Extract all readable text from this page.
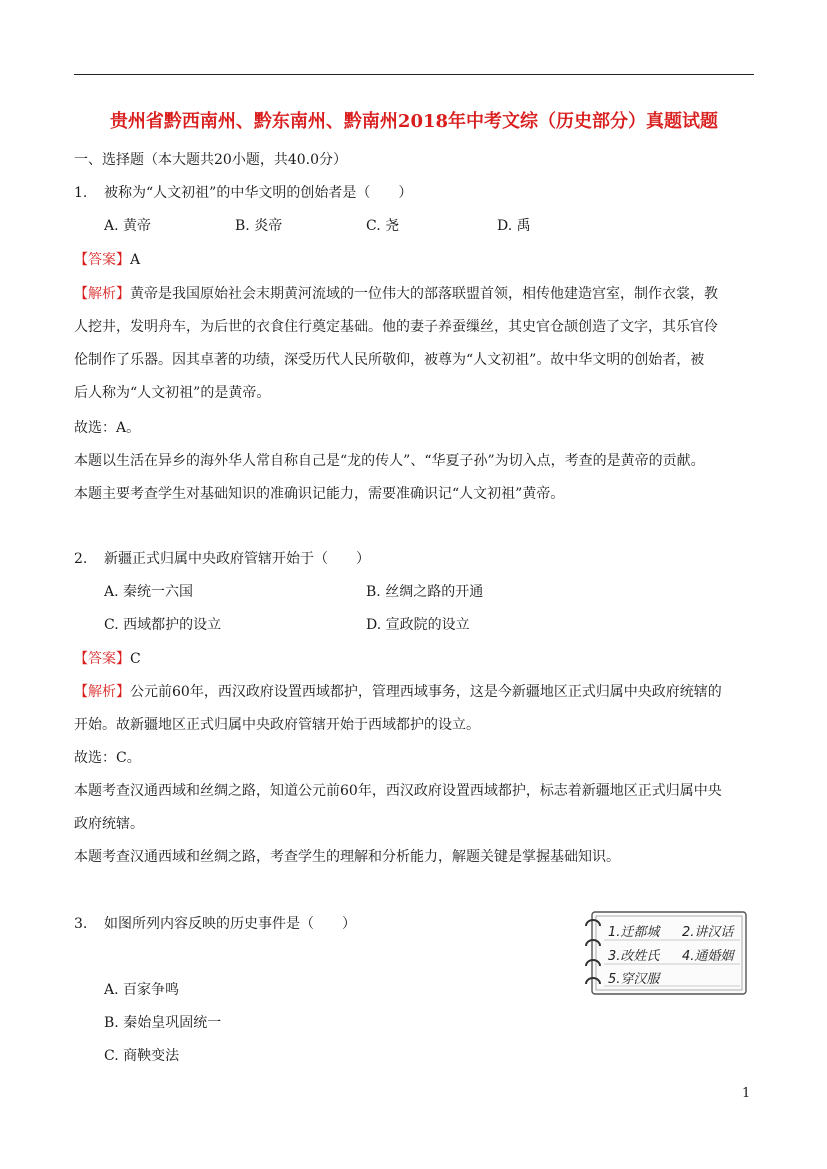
贵州省黔西南州、黔东南州、黔南州2018年中考文综（历史部分）真题试题
一、选择题（本大题共20小题，共40.0分）
1. 被称为“人文初祖”的中华文明的创始者是（　　）
A. 黄帝	B. 炎帝	C. 尧	D. 禹
【答案】A
【解析】黄帝是我国原始社会末期黄河流域的一位伟大的部落联盟首领，相传他建造宫室，制作衣裳，教
人挖井，发明舟车，为后世的衣食住行奠定基础。他的妻子养蚕缫丝，其史官仓颉创造了文字，其乐官伶
伦制作了乐器。因其卓著的功绩，深受历代人民所敬仰，被尊为“人文初祖”。故中华文明的创始者，被
后人称为“人文初祖”的是黄帝。
故选：A。
本题以生活在异乡的海外华人常自称自己是“龙的传人”、“华夏子孙”为切入点，考查的是黄帝的贡献。
本题主要考查学生对基础知识的准确识记能力，需要准确识记“人文初祖”黄帝。
2. 新疆正式归属中央政府管辖开始于（　　）
A. 秦统一六国	B. 丝绸之路的开通
C. 西域都护的设立	D. 宣政院的设立
【答案】C
【解析】公元前60年，西汉政府设置西域都护，管理西域事务，这是今新疆地区正式归属中央政府统辖的
开始。故新疆地区正式归属中央政府管辖开始于西域都护的设立。
故选：C。
本题考查汉通西域和丝绸之路，知道公元前60年，西汉政府设置西域都护，标志着新疆地区正式归属中央
政府统辖。
本题考查汉通西域和丝绸之路，考查学生的理解和分析能力，解题关键是掌握基础知识。
3. 如图所列内容反映的历史事件是（　　）
A. 百家争鸣
B. 秦始皇巩固统一
C. 商鞅变法
1.迁都城 2.讲汉话
3.改姓氏 4.通婚姻
5.穿汉服
1
